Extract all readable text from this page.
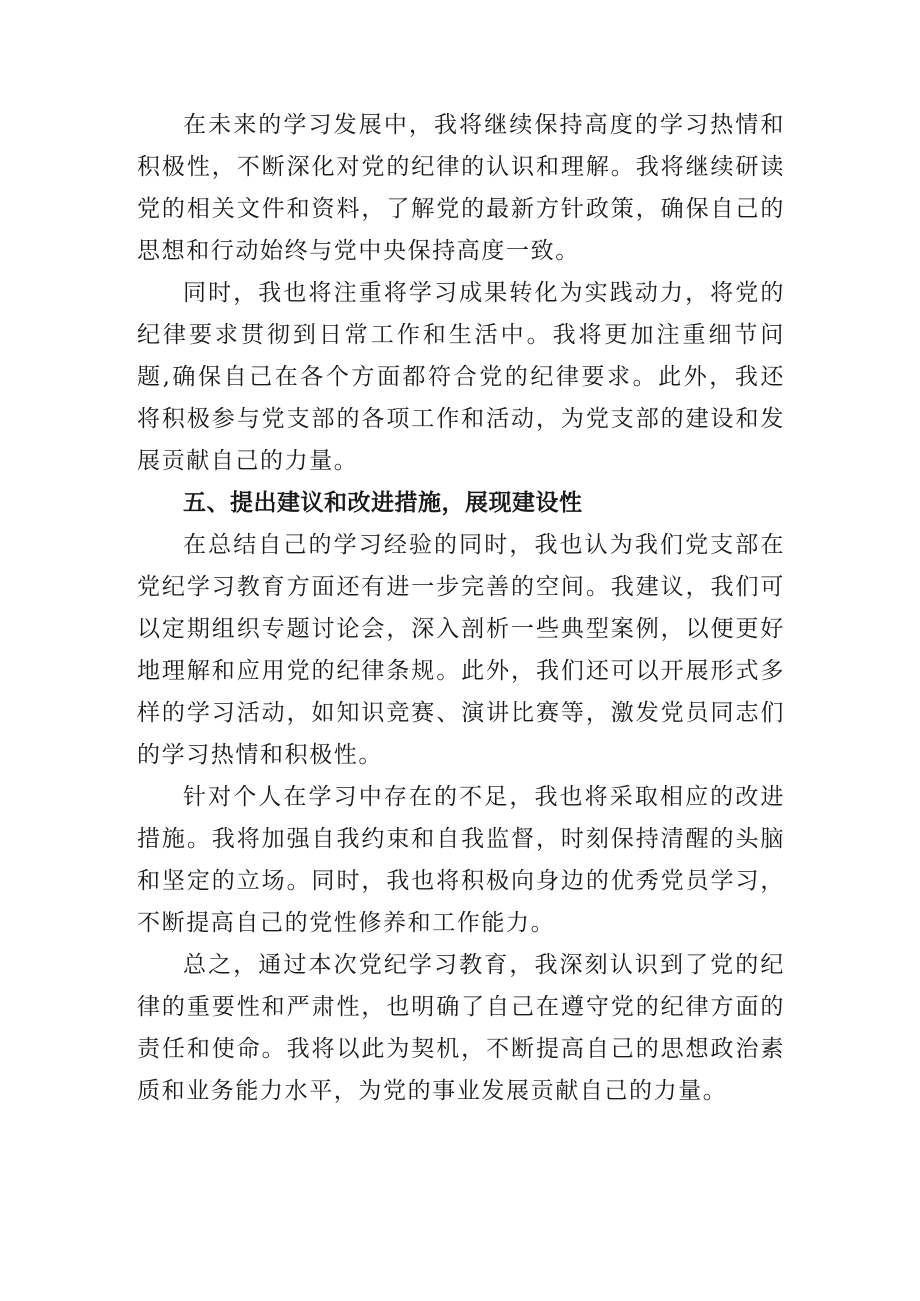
在未来的学习发展中，我将继续保持高度的学习热情和积极性，不断深化对党的纪律的认识和理解。我将继续研读党的相关文件和资料，了解党的最新方针政策，确保自己的思想和行动始终与党中央保持高度一致。

同时，我也将注重将学习成果转化为实践动力，将党的纪律要求贯彻到日常工作和生活中。我将更加注重细节问题,确保自己在各个方面都符合党的纪律要求。此外，我还将积极参与党支部的各项工作和活动，为党支部的建设和发展贡献自己的力量。

五、提出建议和改进措施，展现建设性

在总结自己的学习经验的同时，我也认为我们党支部在党纪学习教育方面还有进一步完善的空间。我建议，我们可以定期组织专题讨论会，深入剖析一些典型案例，以便更好地理解和应用党的纪律条规。此外，我们还可以开展形式多样的学习活动，如知识竞赛、演讲比赛等，激发党员同志们的学习热情和积极性。

针对个人在学习中存在的不足，我也将采取相应的改进措施。我将加强自我约束和自我监督，时刻保持清醒的头脑和坚定的立场。同时，我也将积极向身边的优秀党员学习，不断提高自己的党性修养和工作能力。

总之，通过本次党纪学习教育，我深刻认识到了党的纪律的重要性和严肃性，也明确了自己在遵守党的纪律方面的责任和使命。我将以此为契机，不断提高自己的思想政治素质和业务能力水平，为党的事业发展贡献自己的力量。
